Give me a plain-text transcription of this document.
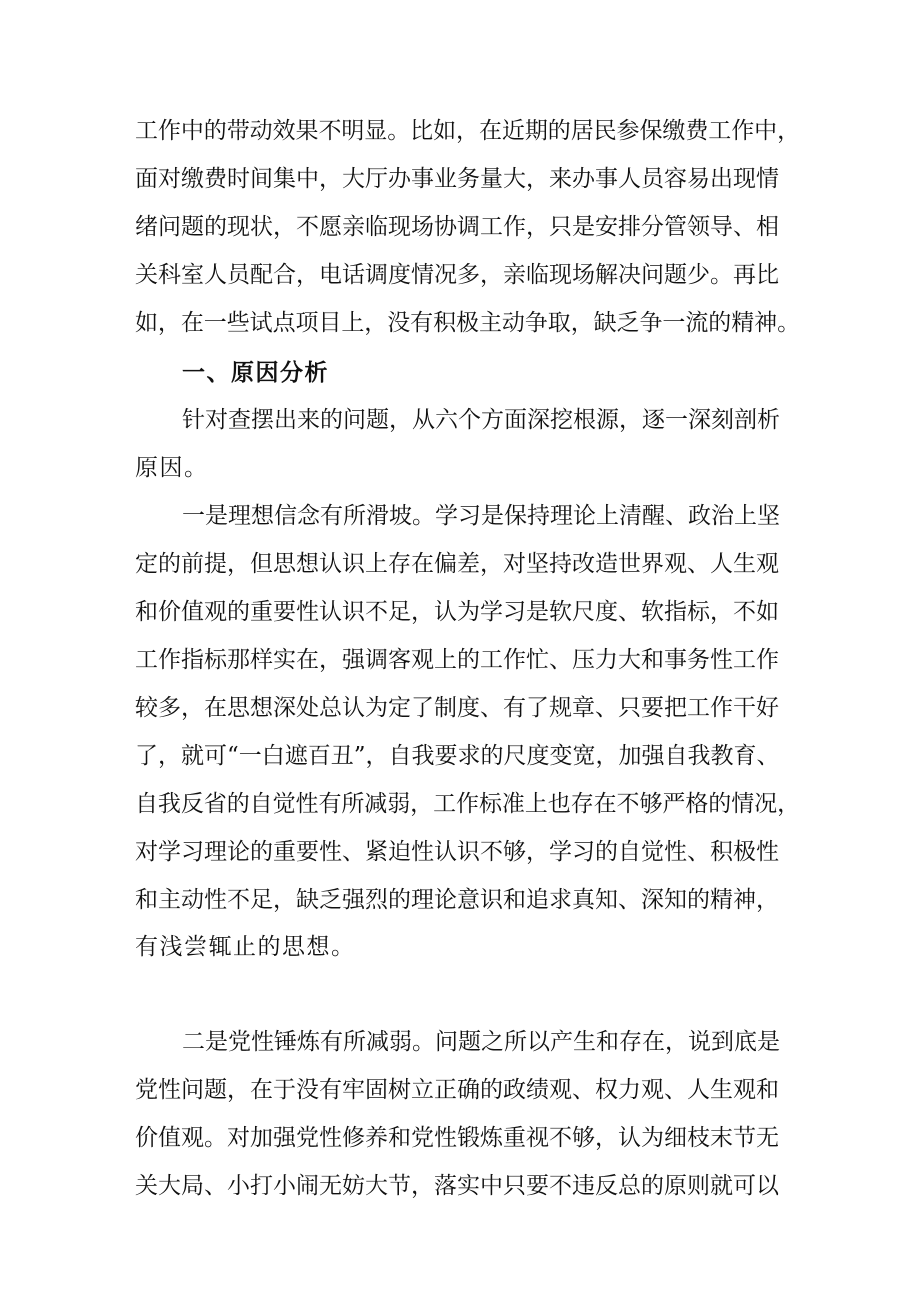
工作中的带动效果不明显。比如，在近期的居民参保缴费工作中，
面对缴费时间集中，大厅办事业务量大，来办事人员容易出现情
绪问题的现状，不愿亲临现场协调工作，只是安排分管领导、相
关科室人员配合，电话调度情况多，亲临现场解决问题少。再比
如，在一些试点项目上，没有积极主动争取，缺乏争一流的精神。
一、原因分析
针对查摆出来的问题，从六个方面深挖根源，逐一深刻剖析
原因。
一是理想信念有所滑坡。学习是保持理论上清醒、政治上坚
定的前提，但思想认识上存在偏差，对坚持改造世界观、人生观
和价值观的重要性认识不足，认为学习是软尺度、软指标，不如
工作指标那样实在，强调客观上的工作忙、压力大和事务性工作
较多，在思想深处总认为定了制度、有了规章、只要把工作干好
了，就可“一白遮百丑”，自我要求的尺度变宽，加强自我教育、
自我反省的自觉性有所减弱，工作标准上也存在不够严格的情况，
对学习理论的重要性、紧迫性认识不够，学习的自觉性、积极性
和主动性不足，缺乏强烈的理论意识和追求真知、深知的精神，
有浅尝辄止的思想。
二是党性锤炼有所减弱。问题之所以产生和存在，说到底是
党性问题，在于没有牢固树立正确的政绩观、权力观、人生观和
价值观。对加强党性修养和党性锻炼重视不够，认为细枝末节无
关大局、小打小闹无妨大节，落实中只要不违反总的原则就可以
